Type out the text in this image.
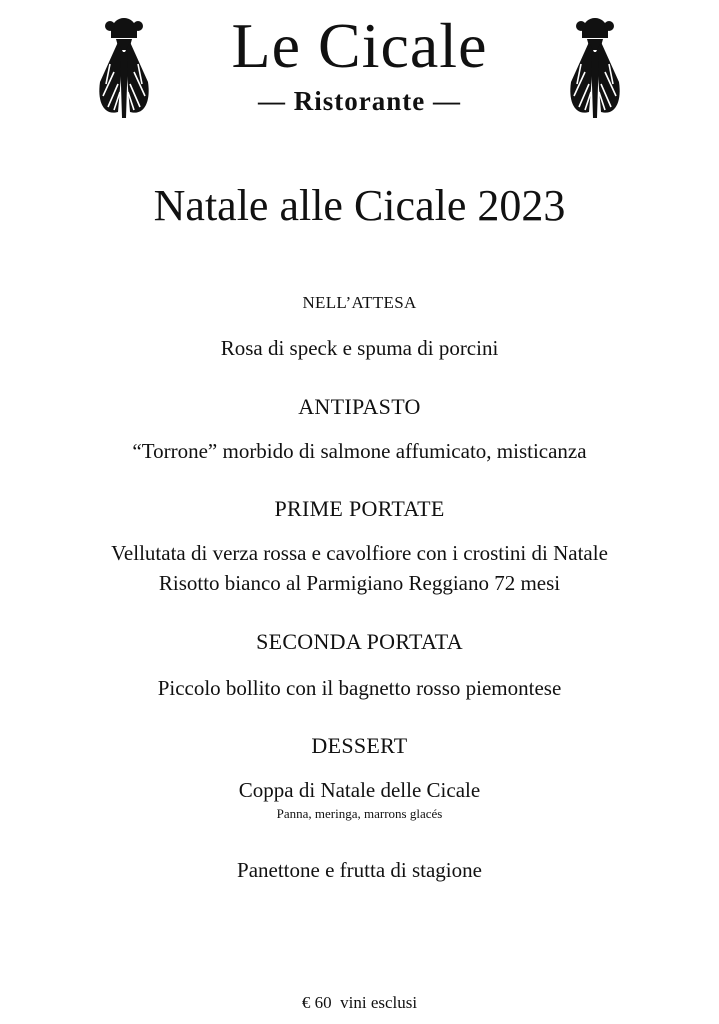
Le Cicale
— Ristorante —
Natale alle Cicale 2023
NELL’ATTESA
Rosa di speck e spuma di porcini
ANTIPASTO
“Torrone” morbido di salmone affumicato, misticanza
PRIME PORTATE
Vellutata di verza rossa e cavolfiore con i crostini di Natale
Risotto bianco al Parmigiano Reggiano 72 mesi
SECONDA PORTATA
Piccolo bollito con il bagnetto rosso piemontese
DESSERT
Coppa di Natale delle Cicale
Panna, meringa, marrons glacés
Panettone e frutta di stagione
€ 60  vini esclusi
